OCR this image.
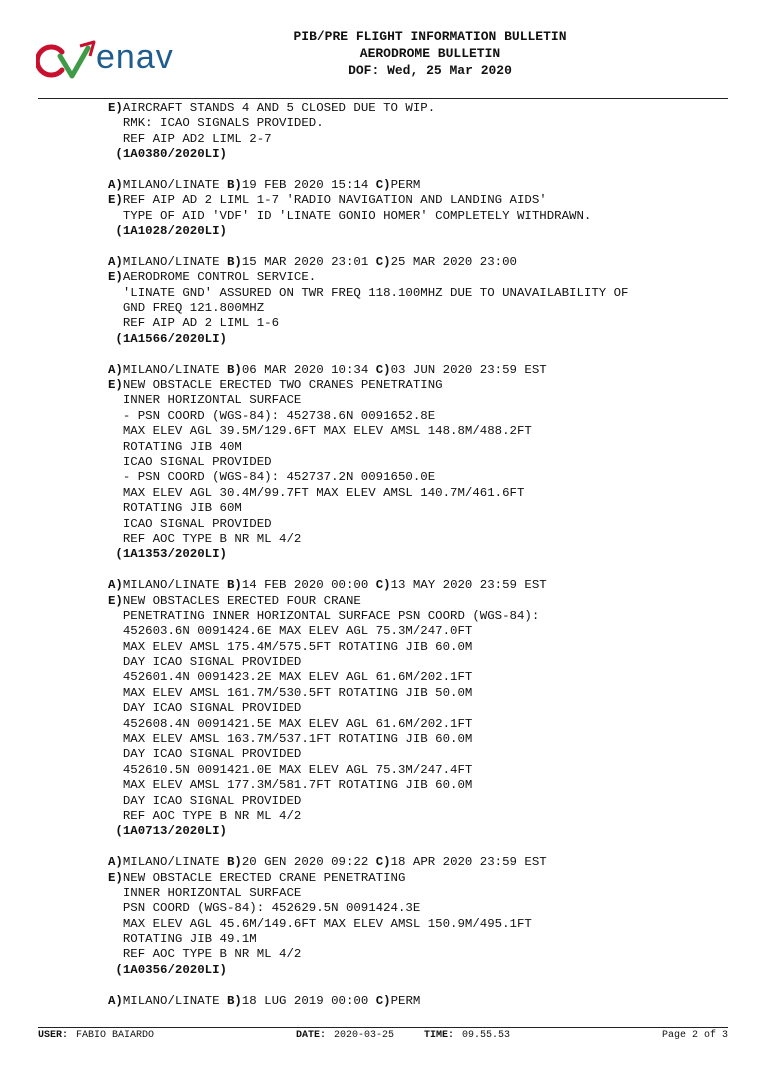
enav
PIB/PRE FLIGHT INFORMATION BULLETIN
AERODROME BULLETIN
DOF: Wed, 25 Mar 2020
E)AIRCRAFT STANDS 4 AND 5 CLOSED DUE TO WIP.
RMK: ICAO SIGNALS PROVIDED.
REF AIP AD2 LIML 2-7
(1A0380/2020LI)
A)MILANO/LINATE B)19 FEB 2020 15:14 C)PERM
E)REF AIP AD 2 LIML 1-7 'RADIO NAVIGATION AND LANDING AIDS'
TYPE OF AID 'VDF' ID 'LINATE GONIO HOMER' COMPLETELY WITHDRAWN.
(1A1028/2020LI)
A)MILANO/LINATE B)15 MAR 2020 23:01 C)25 MAR 2020 23:00
E)AERODROME CONTROL SERVICE.
'LINATE GND' ASSURED ON TWR FREQ 118.100MHZ DUE TO UNAVAILABILITY OF
GND FREQ 121.800MHZ
REF AIP AD 2 LIML 1-6
(1A1566/2020LI)
A)MILANO/LINATE B)06 MAR 2020 10:34 C)03 JUN 2020 23:59 EST
E)NEW OBSTACLE ERECTED TWO CRANES PENETRATING
INNER HORIZONTAL SURFACE
- PSN COORD (WGS-84): 452738.6N 0091652.8E
MAX ELEV AGL 39.5M/129.6FT MAX ELEV AMSL 148.8M/488.2FT
ROTATING JIB 40M
ICAO SIGNAL PROVIDED
- PSN COORD (WGS-84): 452737.2N 0091650.0E
MAX ELEV AGL 30.4M/99.7FT MAX ELEV AMSL 140.7M/461.6FT
ROTATING JIB 60M
ICAO SIGNAL PROVIDED
REF AOC TYPE B NR ML 4/2
(1A1353/2020LI)
A)MILANO/LINATE B)14 FEB 2020 00:00 C)13 MAY 2020 23:59 EST
E)NEW OBSTACLES ERECTED FOUR CRANE
PENETRATING INNER HORIZONTAL SURFACE PSN COORD (WGS-84):
452603.6N 0091424.6E MAX ELEV AGL 75.3M/247.0FT
MAX ELEV AMSL 175.4M/575.5FT ROTATING JIB 60.0M
DAY ICAO SIGNAL PROVIDED
452601.4N 0091423.2E MAX ELEV AGL 61.6M/202.1FT
MAX ELEV AMSL 161.7M/530.5FT ROTATING JIB 50.0M
DAY ICAO SIGNAL PROVIDED
452608.4N 0091421.5E MAX ELEV AGL 61.6M/202.1FT
MAX ELEV AMSL 163.7M/537.1FT ROTATING JIB 60.0M
DAY ICAO SIGNAL PROVIDED
452610.5N 0091421.0E MAX ELEV AGL 75.3M/247.4FT
MAX ELEV AMSL 177.3M/581.7FT ROTATING JIB 60.0M
DAY ICAO SIGNAL PROVIDED
REF AOC TYPE B NR ML 4/2
(1A0713/2020LI)
A)MILANO/LINATE B)20 GEN 2020 09:22 C)18 APR 2020 23:59 EST
E)NEW OBSTACLE ERECTED CRANE PENETRATING
INNER HORIZONTAL SURFACE
PSN COORD (WGS-84): 452629.5N 0091424.3E
MAX ELEV AGL 45.6M/149.6FT MAX ELEV AMSL 150.9M/495.1FT
ROTATING JIB 49.1M
REF AOC TYPE B NR ML 4/2
(1A0356/2020LI)
A)MILANO/LINATE B)18 LUG 2019 00:00 C)PERM
USER: FABIO BAIARDO	DATE: 2020-03-25	TIME: 09.55.53	Page 2 of 3
